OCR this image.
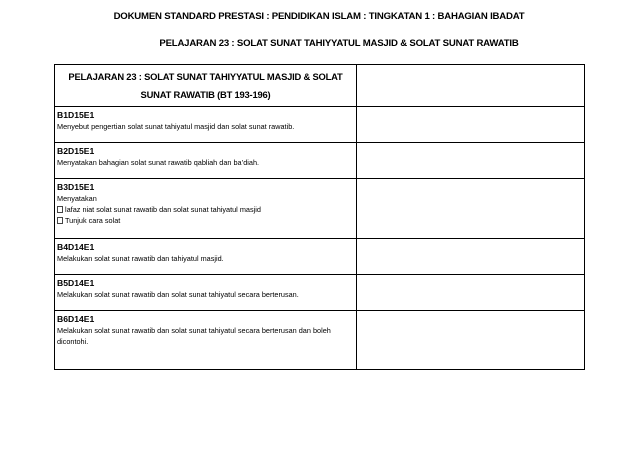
DOKUMEN STANDARD PRESTASI : PENDIDIKAN ISLAM : TINGKATAN 1 : BAHAGIAN IBADAT
PELAJARAN 23 : SOLAT SUNAT TAHIYYATUL MASJID & SOLAT SUNAT RAWATIB
PELAJARAN 23 : SOLAT SUNAT TAHIYYATUL MASJID & SOLAT
SUNAT RAWATIB (BT 193-196)	

B1D15E1
Menyebut pengertian solat sunat tahiyatul masjid dan solat sunat rawatib.	

B2D15E1
Menyatakan bahagian solat sunat rawatib qabliah dan ba’diah.	

B3D15E1
Menyatakan
lafaz niat solat sunat rawatib dan solat sunat tahiyatul masjid
Tunjuk cara solat	

B4D14E1
Melakukan solat sunat rawatib dan tahiyatul masjid.	

B5D14E1
Melakukan solat sunat rawatib dan solat sunat tahiyatul secara berterusan.	

B6D14E1
Melakukan solat sunat rawatib dan solat sunat tahiyatul secara berterusan dan boleh dicontohi.	
